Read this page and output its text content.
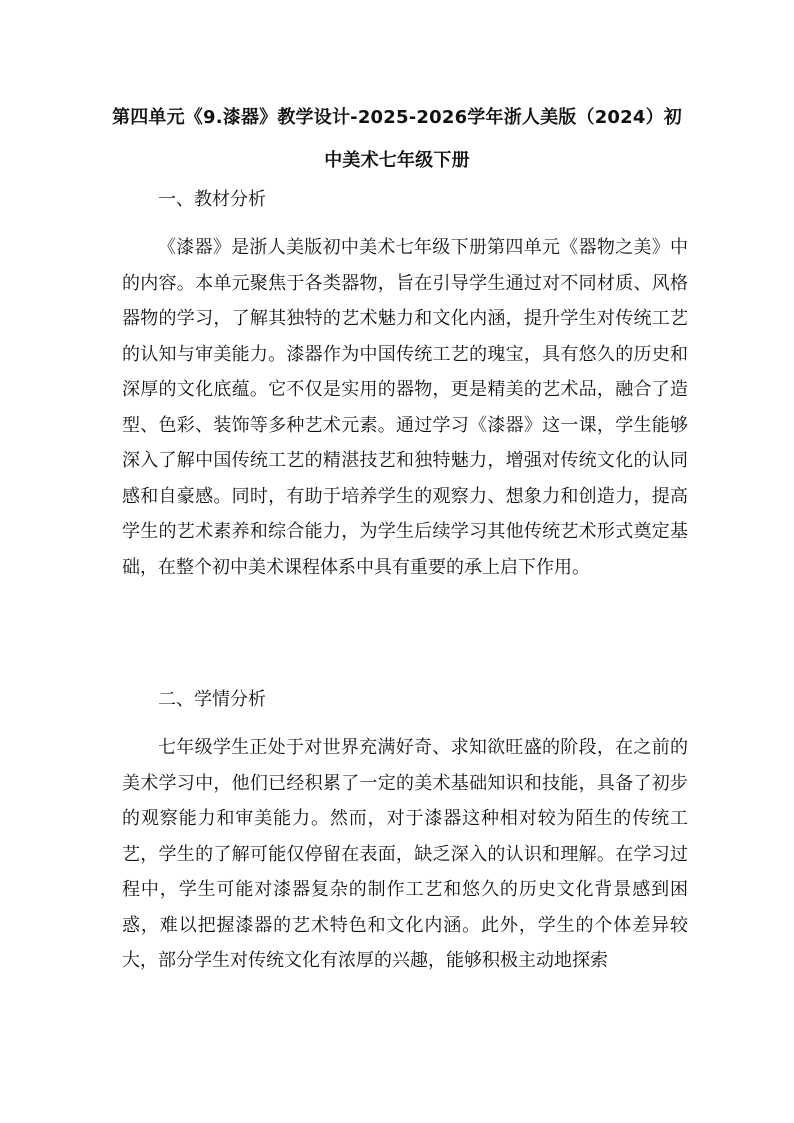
第四单元《9.漆器》教学设计-2025-2026学年浙人美版（2024）初
中美术七年级下册
一、教材分析
《漆器》是浙人美版初中美术七年级下册第四单元《器物之美》中的内容。本单元聚焦于各类器物，旨在引导学生通过对不同材质、风格器物的学习，了解其独特的艺术魅力和文化内涵，提升学生对传统工艺的认知与审美能力。漆器作为中国传统工艺的瑰宝，具有悠久的历史和深厚的文化底蕴。它不仅是实用的器物，更是精美的艺术品，融合了造型、色彩、装饰等多种艺术元素。通过学习《漆器》这一课，学生能够深入了解中国传统工艺的精湛技艺和独特魅力，增强对传统文化的认同感和自豪感。同时，有助于培养学生的观察力、想象力和创造力，提高学生的艺术素养和综合能力，为学生后续学习其他传统艺术形式奠定基础，在整个初中美术课程体系中具有重要的承上启下作用。
二、学情分析
七年级学生正处于对世界充满好奇、求知欲旺盛的阶段，在之前的美术学习中，他们已经积累了一定的美术基础知识和技能，具备了初步的观察能力和审美能力。然而，对于漆器这种相对较为陌生的传统工艺，学生的了解可能仅停留在表面，缺乏深入的认识和理解。在学习过程中，学生可能对漆器复杂的制作工艺和悠久的历史文化背景感到困惑，难以把握漆器的艺术特色和文化内涵。此外，学生的个体差异较大，部分学生对传统文化有浓厚的兴趣，能够积极主动地探索
